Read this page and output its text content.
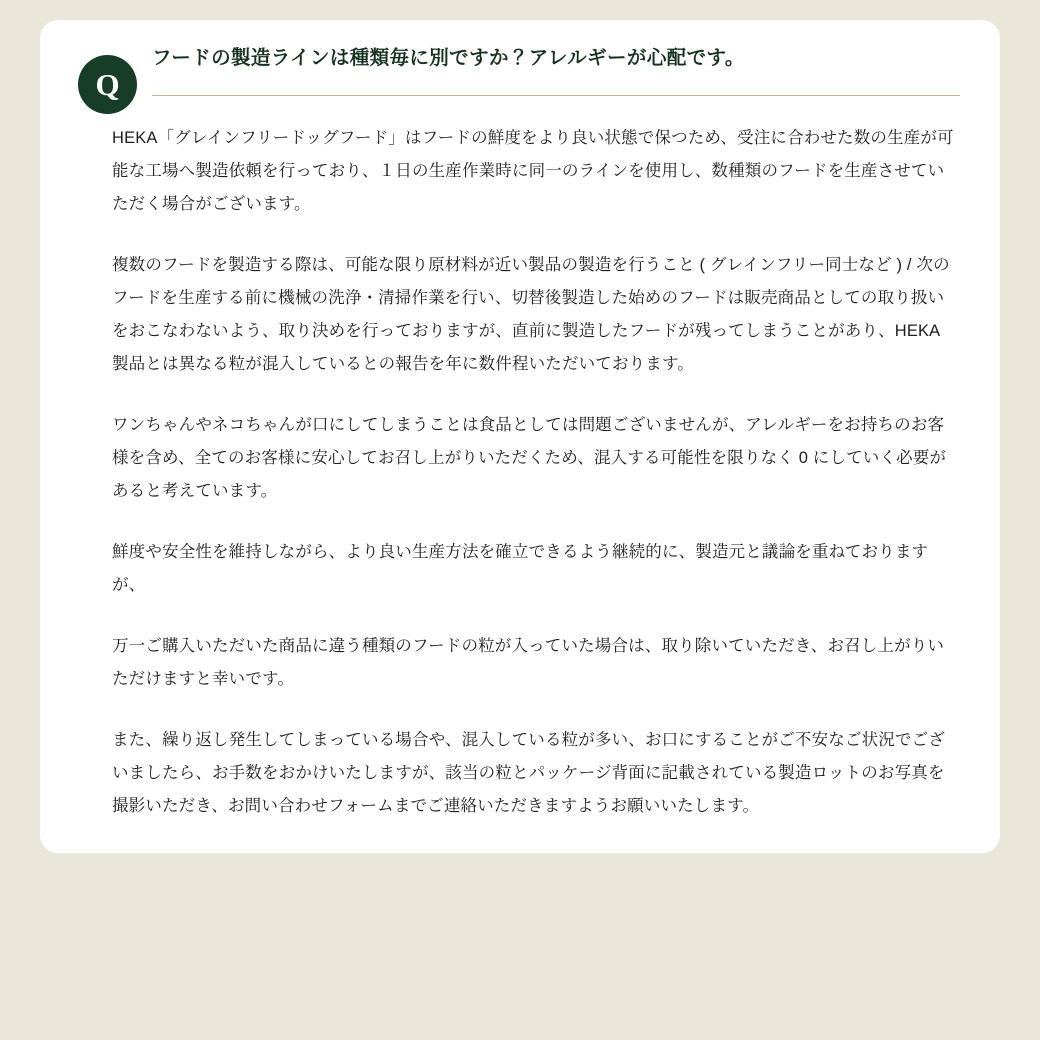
Q
フードの製造ラインは種類毎に別ですか？アレルギーが心配です。

HEKA「グレインフリードッグフード」はフードの鮮度をより良い状態で保つため、受注に合わせた数の生産が可能な工場へ製造依頼を行っており、１日の生産作業時に同一のラインを使用し、数種類のフードを生産させていただく場合がございます。

複数のフードを製造する際は、可能な限り原材料が近い製品の製造を行うこと ( グレインフリー同士など ) / 次のフードを生産する前に機械の洗浄・清掃作業を行い、切替後製造した始めのフードは販売商品としての取り扱いをおこなわないよう、取り決めを行っておりますが、直前に製造したフードが残ってしまうことがあり、HEKA 製品とは異なる粒が混入しているとの報告を年に数件程いただいております。

ワンちゃんやネコちゃんが口にしてしまうことは食品としては問題ございませんが、アレルギーをお持ちのお客様を含め、全てのお客様に安心してお召し上がりいただくため、混入する可能性を限りなく 0 にしていく必要があると考えています。

鮮度や安全性を維持しながら、より良い生産方法を確立できるよう継続的に、製造元と議論を重ねておりますが、

万一ご購入いただいた商品に違う種類のフードの粒が入っていた場合は、取り除いていただき、お召し上がりいただけますと幸いです。

また、繰り返し発生してしまっている場合や、混入している粒が多い、お口にすることがご不安なご状況でございましたら、お手数をおかけいたしますが、該当の粒とパッケージ背面に記載されている製造ロットのお写真を撮影いただき、お問い合わせフォームまでご連絡いただきますようお願いいたします。
